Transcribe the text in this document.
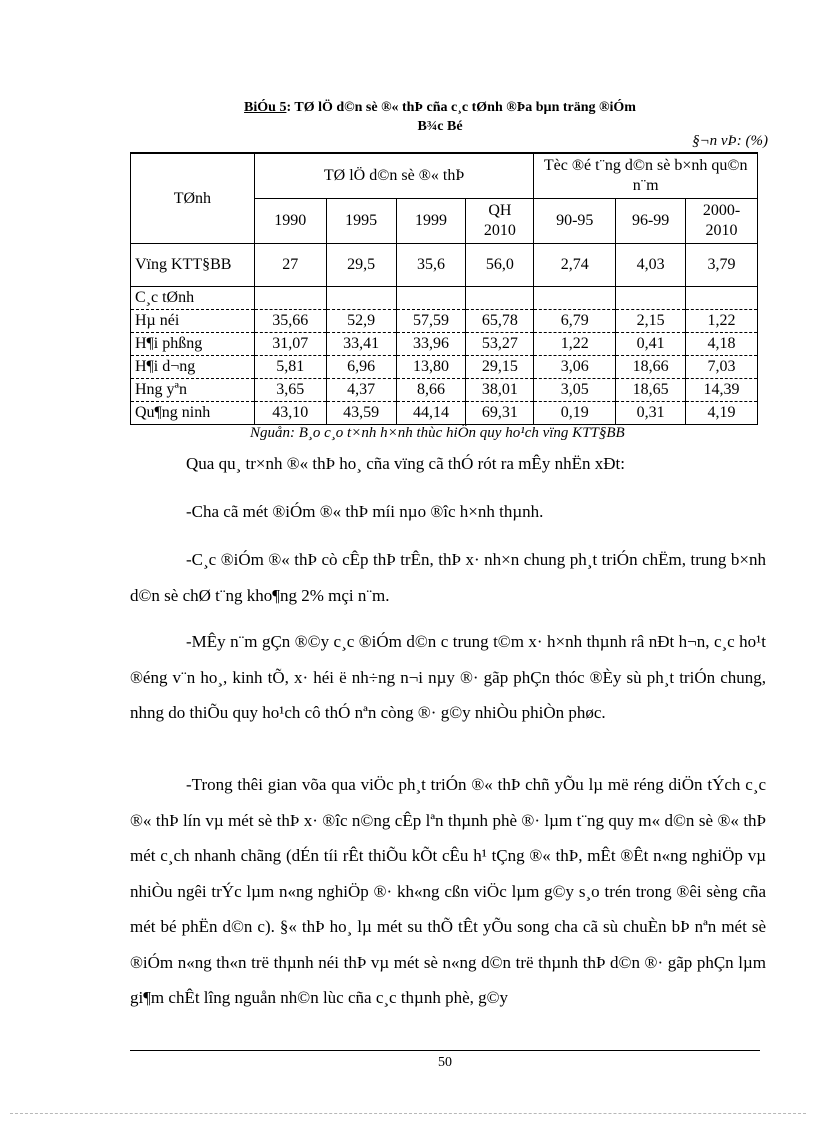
BiÓu 5: TØ lÖ d©n sè ®« thÞ cña c¸c tØnh ®Þa bµn träng ®iÓm
B¾c Bé
§¬n vÞ: (%)
TØnh	TØ lÖ d©n sè ®« thÞ				Tèc ®é t¨ng d©n sè b×nh qu©n n¨m		
	1990	1995	1999	QH 2010	90-95	96-99	2000-2010
Vïng KTT§BB	27	29,5	35,6	56,0	2,74	4,03	3,79
C¸c tØnh							
Hµ néi	35,66	52,9	57,59	65,78	6,79	2,15	1,22
H¶i phßng	31,07	33,41	33,96	53,27	1,22	0,41	4,18
H¶i d¬ng	5,81	6,96	13,80	29,15	3,06	18,66	7,03
Hng yªn	3,65	4,37	8,66	38,01	3,05	18,65	14,39
Qu¶ng ninh	43,10	43,59	44,14	69,31	0,19	0,31	4,19
Nguån: B¸o c¸o t×nh h×nh thùc hiÖn quy ho¹ch vïng KTT§BB
Qua qu¸ tr×nh ®« thÞ ho¸ cña vïng cã thÓ rót ra mÊy nhËn xÐt:
-Cha cã mét ®iÓm ®« thÞ míi nµo ®îc h×nh thµnh.
-C¸c ®iÓm ®« thÞ cò cÊp thÞ trÊn, thÞ x· nh×n chung ph¸t triÓn chËm, trung b×nh d©n sè chØ t¨ng kho¶ng 2% mçi n¨m.
-MÊy n¨m gÇn ®©y c¸c ®iÓm d©n c trung t©m x· h×nh thµnh râ nÐt h¬n, c¸c ho¹t ®éng v¨n ho¸, kinh tÕ, x· héi ë nh÷ng n¬i nµy ®· gãp phÇn thóc ®Èy sù ph¸t triÓn chung, nhng do thiÕu quy ho¹ch cô thÓ nªn còng ®· g©y nhiÒu phiÒn phøc.
-Trong thêi gian võa qua viÖc ph¸t triÓn ®« thÞ chñ yÕu lµ më réng diÖn tÝch c¸c ®« thÞ lín vµ mét sè thÞ x· ®îc n©ng cÊp lªn thµnh phè ®· lµm t¨ng quy m« d©n sè ®« thÞ mét c¸ch nhanh chãng (dÉn tíi rÊt thiÕu kÕt cÊu h¹ tÇng ®« thÞ, mÊt ®Êt n«ng nghiÖp vµ nhiÒu ngêi trÝc lµm n«ng nghiÖp ®· kh«ng cßn viÖc lµm g©y s¸o trén trong ®êi sèng cña mét bé phËn d©n c). §« thÞ ho¸ lµ mét su thÕ tÊt yÕu song cha cã sù chuÈn bÞ nªn mét sè ®iÓm n«ng th«n trë thµnh néi thÞ vµ mét sè n«ng d©n trë thµnh thÞ d©n ®· gãp phÇn lµm gi¶m chÊt lîng nguån nh©n lùc cña c¸c thµnh phè, g©y
50
